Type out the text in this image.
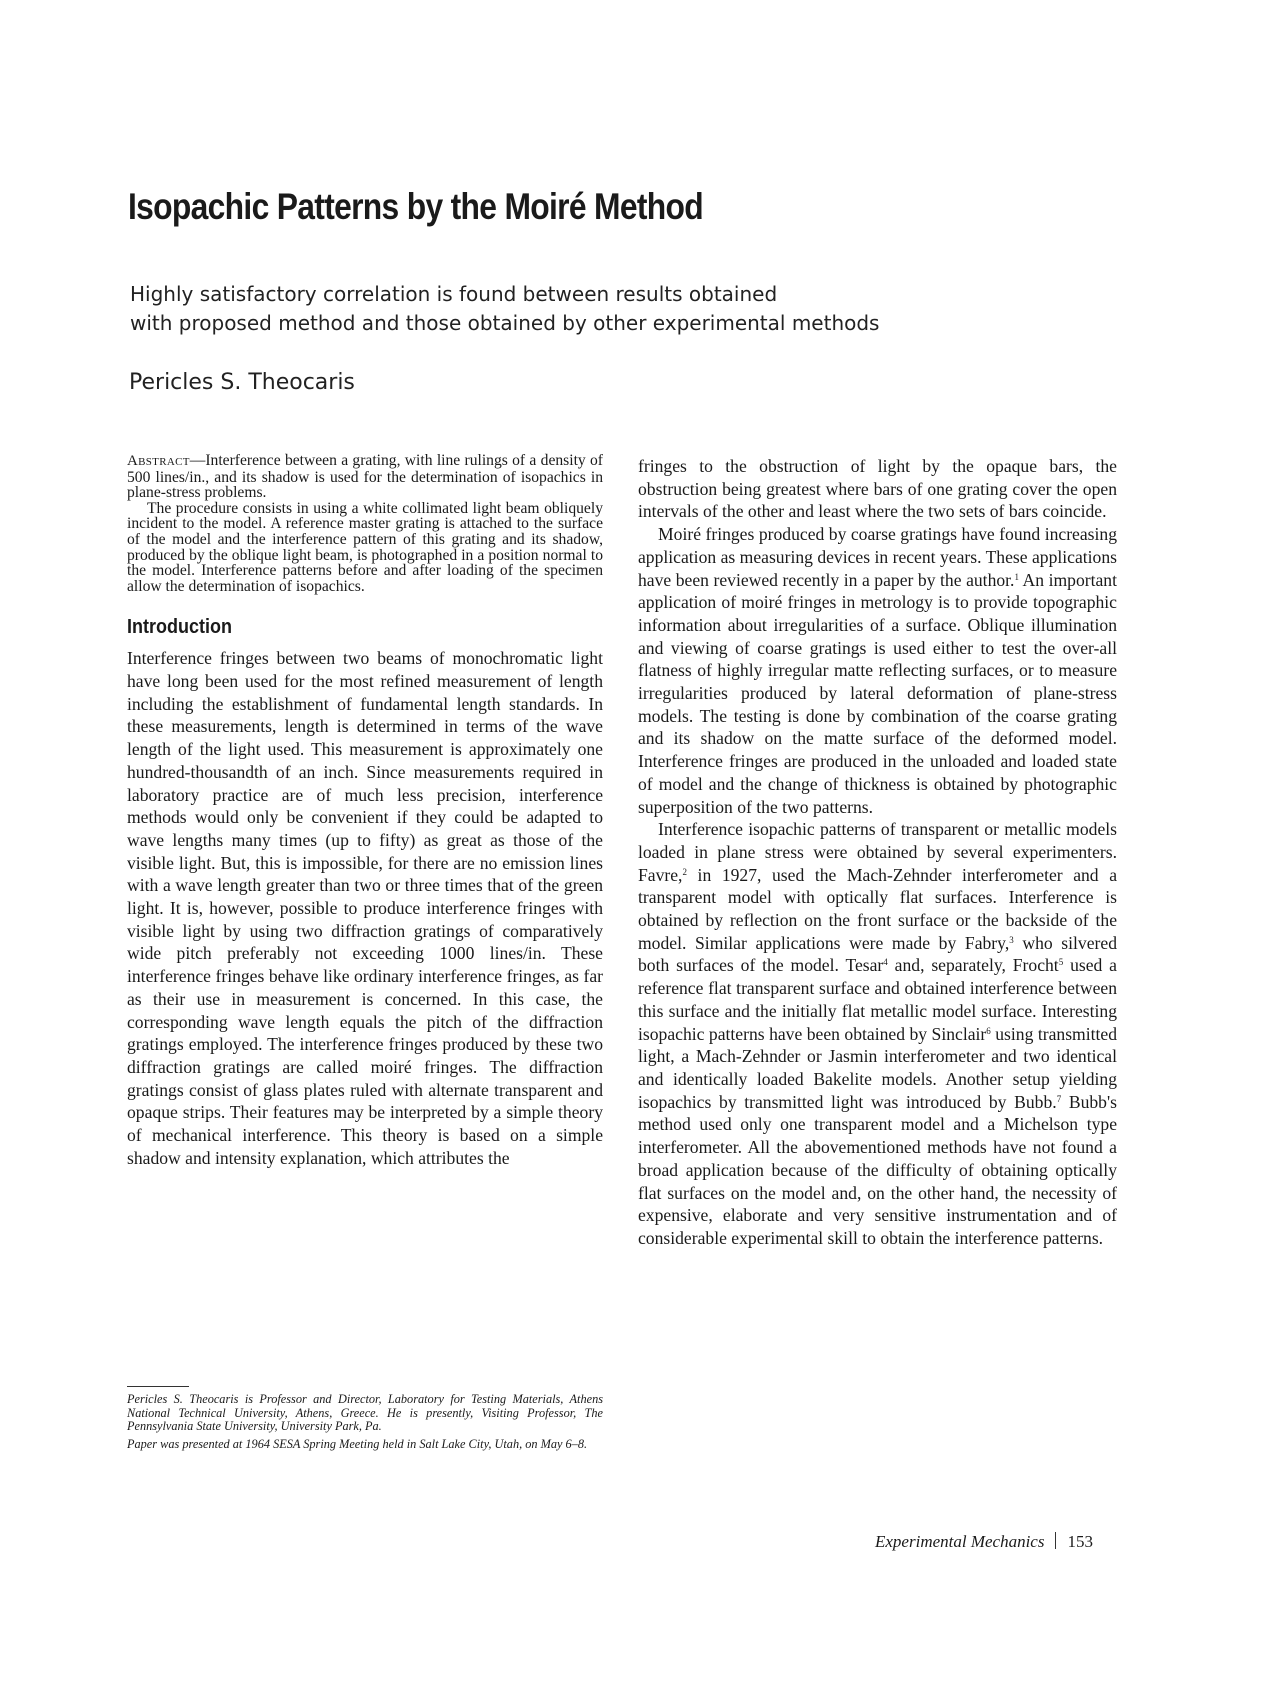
Isopachic Patterns by the Moiré Method
Highly satisfactory correlation is found between results obtained
with proposed method and those obtained by other experimental methods
Pericles S. Theocaris

Abstract—Interference between a grating, with line rulings of a density of 500 lines/in., and its shadow is used for the determination of isopachics in plane-stress problems.

The procedure consists in using a white collimated light beam obliquely incident to the model. A reference master grating is attached to the surface of the model and the interference pattern of this grating and its shadow, produced by the oblique light beam, is photographed in a position normal to the model. Interference patterns before and after loading of the specimen allow the determination of isopachics.

Introduction

Interference fringes between two beams of monochromatic light have long been used for the most refined measurement of length including the establishment of fundamental length standards. In these measurements, length is determined in terms of the wave length of the light used. This measurement is approximately one hundred-thousandth of an inch. Since measurements required in laboratory practice are of much less precision, interference methods would only be convenient if they could be adapted to wave lengths many times (up to fifty) as great as those of the visible light. But, this is impossible, for there are no emission lines with a wave length greater than two or three times that of the green light. It is, however, possible to produce interference fringes with visible light by using two diffraction gratings of comparatively wide pitch preferably not exceeding 1000 lines/in. These interference fringes behave like ordinary interference fringes, as far as their use in measurement is concerned. In this case, the corresponding wave length equals the pitch of the diffraction gratings employed. The interference fringes produced by these two diffraction gratings are called moiré fringes. The diffraction gratings consist of glass plates ruled with alternate transparent and opaque strips. Their features may be interpreted by a simple theory of mechanical interference. This theory is based on a simple shadow and intensity explanation, which attributes the

fringes to the obstruction of light by the opaque bars, the obstruction being greatest where bars of one grating cover the open intervals of the other and least where the two sets of bars coincide.

Moiré fringes produced by coarse gratings have found increasing application as measuring devices in recent years. These applications have been reviewed recently in a paper by the author.$^1$ An important application of moiré fringes in metrology is to provide topographic information about irregularities of a surface. Oblique illumination and viewing of coarse gratings is used either to test the over-all flatness of highly irregular matte reflecting surfaces, or to measure irregularities produced by lateral deformation of plane-stress models. The testing is done by combination of the coarse grating and its shadow on the matte surface of the deformed model. Interference fringes are produced in the unloaded and loaded state of model and the change of thickness is obtained by photographic superposition of the two patterns.

Interference isopachic patterns of transparent or metallic models loaded in plane stress were obtained by several experimenters. Favre,$^2$ in 1927, used the Mach-Zehnder interferometer and a transparent model with optically flat surfaces. Interference is obtained by reflection on the front surface or the backside of the model. Similar applications were made by Fabry,$^3$ who silvered both surfaces of the model. Tesar$^4$ and, separately, Frocht$^5$ used a reference flat transparent surface and obtained interference between this surface and the initially flat metallic model surface. Interesting isopachic patterns have been obtained by Sinclair$^6$ using transmitted light, a Mach-Zehnder or Jasmin interferometer and two identical and identically loaded Bakelite models. Another setup yielding isopachics by transmitted light was introduced by Bubb.$^7$ Bubb's method used only one transparent model and a Michelson type interferometer. All the abovementioned methods have not found a broad application because of the difficulty of obtaining optically flat surfaces on the model and, on the other hand, the necessity of expensive, elaborate and very sensitive instrumentation and of considerable experimental skill to obtain the interference patterns.

Pericles S. Theocaris is Professor and Director, Laboratory for Testing Materials, Athens National Technical University, Athens, Greece. He is presently, Visiting Professor, The Pennsylvania State University, University Park, Pa.

Paper was presented at 1964 SESA Spring Meeting held in Salt Lake City, Utah, on May 6–8.

Experimental Mechanics 153
